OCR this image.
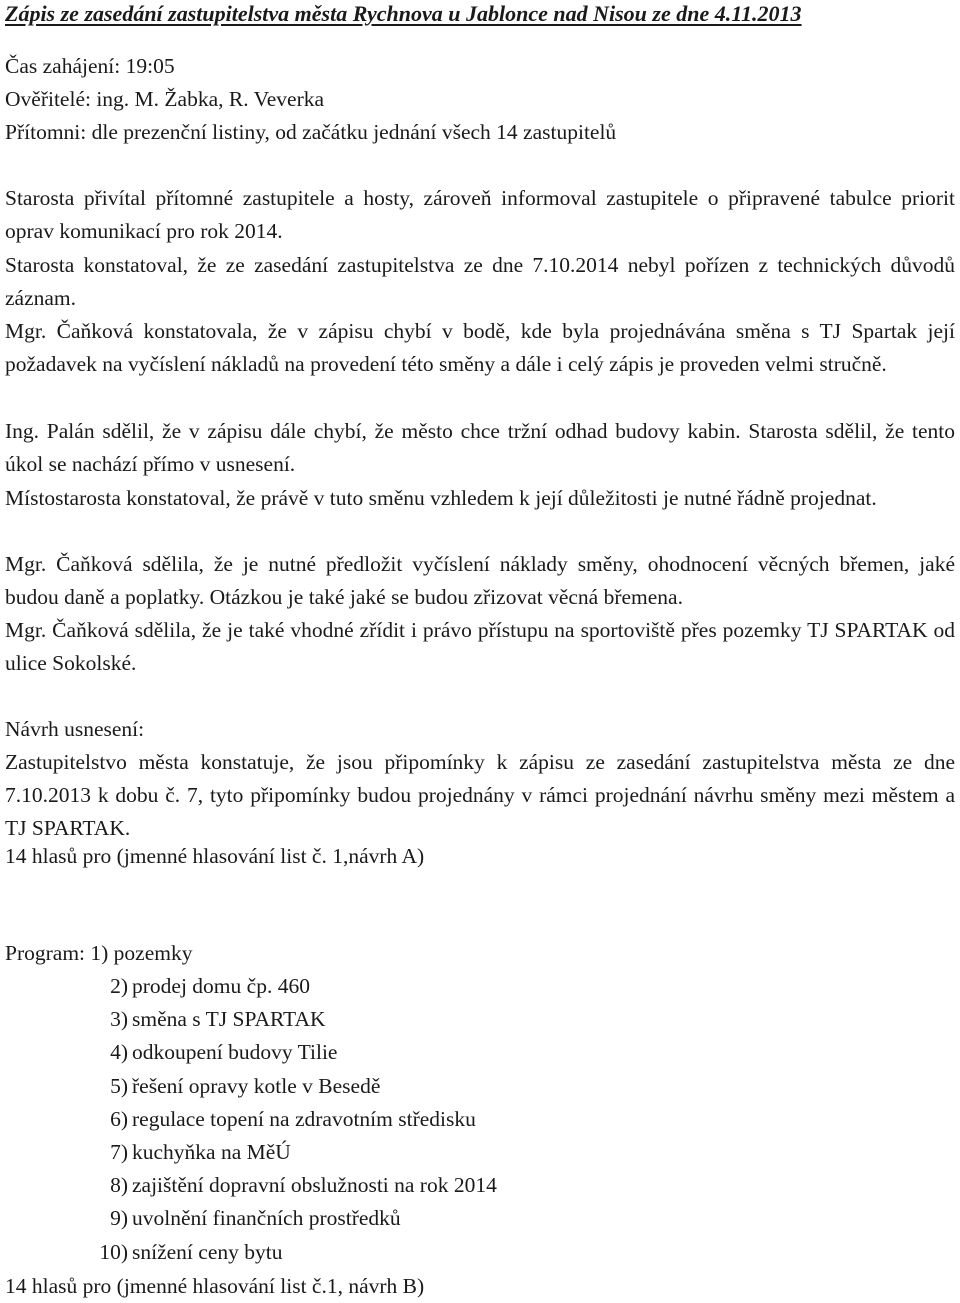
Zápis ze zasedání zastupitelstva města Rychnova u Jablonce nad Nisou ze dne 4.11.2013
Čas zahájení: 19:05
Ověřitelé: ing. M. Žabka, R. Veverka
Přítomni: dle prezenční listiny, od začátku jednání všech 14 zastupitelů

Starosta přivítal přítomné zastupitele a hosty, zároveň informoval zastupitele o připravené tabulce priorit oprav komunikací pro rok 2014.

Starosta konstatoval, že ze zasedání zastupitelstva ze dne 7.10.2014 nebyl pořízen z technických důvodů záznam.

Mgr. Čaňková konstatovala, že v zápisu chybí v bodě, kde byla projednávána směna s TJ Spartak její požadavek na vyčíslení nákladů na provedení této směny a dále i celý zápis je proveden velmi stručně.

Ing. Palán sdělil, že v zápisu dále chybí, že město chce tržní odhad budovy kabin. Starosta sdělil, že tento úkol se nachází přímo v usnesení.

Místostarosta konstatoval, že právě v tuto směnu vzhledem k její důležitosti je nutné řádně projednat.

Mgr. Čaňková sdělila, že je nutné předložit vyčíslení náklady směny, ohodnocení věcných břemen, jaké budou daně a poplatky. Otázkou je také jaké se budou zřizovat věcná břemena.

Mgr. Čaňková sdělila, že je také vhodné zřídit i právo přístupu na sportoviště přes pozemky TJ SPARTAK od ulice Sokolské.

Návrh usnesení:

Zastupitelstvo města konstatuje, že jsou připomínky k zápisu ze zasedání zastupitelstva města ze dne 7.10.2013 k dobu č. 7, tyto připomínky budou projednány v rámci projednání návrhu směny mezi městem a TJ SPARTAK.

14 hlasů pro (jmenné hlasování list č. 1,návrh A)
Program: 1) pozemky
2) prodej domu čp. 460
3) směna s TJ SPARTAK
4) odkoupení budovy Tilie
5) řešení opravy kotle v Besedě
6) regulace topení na zdravotním středisku
7) kuchyňka na MěÚ
8) zajištění dopravní obslužnosti na rok 2014
9) uvolnění finančních prostředků
10) snížení ceny bytu
14 hlasů pro (jmenné hlasování list č.1, návrh B)
